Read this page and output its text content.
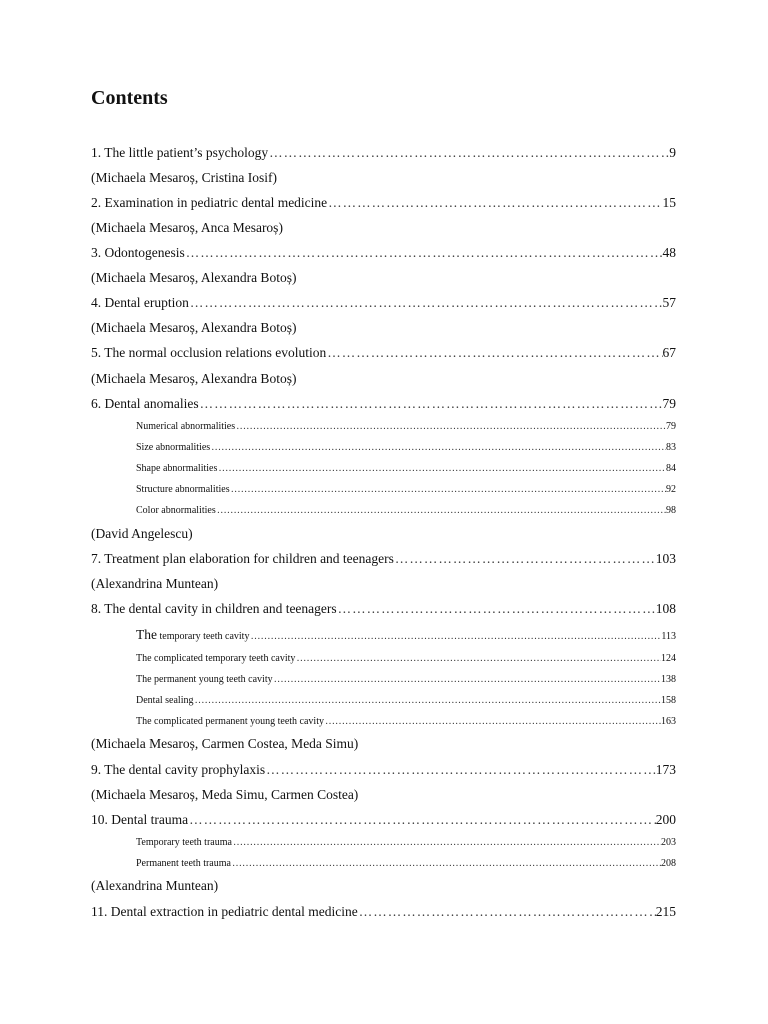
Contents
1. The little patient’s psychology ……………………………………………………………………………………………………………………………………………………………………………………………………………………………………………	9
(Michaela Mesaroș, Cristina Iosif)
2. Examination in pediatric dental medicine ……………………………………………………………………………………………………………………………………………………………………………………………………………………………………………	15
(Michaela Mesaroș, Anca Mesaroș)
3. Odontogenesis ……………………………………………………………………………………………………………………………………………………………………………………………………………………………………………	48
(Michaela Mesaroș, Alexandra Botoș)
4. Dental eruption ……………………………………………………………………………………………………………………………………………………………………………………………………………………………………………	57
(Michaela Mesaroș, Alexandra Botoș)
5. The normal occlusion relations evolution ……………………………………………………………………………………………………………………………………………………………………………………………………………………………………………	67
(Michaela Mesaroș, Alexandra Botoș)
6. Dental anomalies ……………………………………………………………………………………………………………………………………………………………………………………………………………………………………………	79
Numerical abnormalities ……………………………………………………………………………………………………………………………………………………………………………………………………………………………………………	79
Size abnormalities ……………………………………………………………………………………………………………………………………………………………………………………………………………………………………………	83
Shape abnormalities ……………………………………………………………………………………………………………………………………………………………………………………………………………………………………………	84
Structure abnormalities ……………………………………………………………………………………………………………………………………………………………………………………………………………………………………………	92
Color abnormalities ……………………………………………………………………………………………………………………………………………………………………………………………………………………………………………	98
(David Angelescu)
7. Treatment plan elaboration for children and teenagers ……………………………………………………………………………………………………………………………………………………………………………………………………………………………………………	103
(Alexandrina Muntean)
8. The dental cavity in children and teenagers ……………………………………………………………………………………………………………………………………………………………………………………………………………………………………………	108
The temporary teeth cavity ……………………………………………………………………………………………………………………………………………………………………………………………………………………………………………	113
The complicated temporary teeth cavity ……………………………………………………………………………………………………………………………………………………………………………………………………………………………………………	124
The permanent young teeth cavity ……………………………………………………………………………………………………………………………………………………………………………………………………………………………………………	138
Dental sealing ……………………………………………………………………………………………………………………………………………………………………………………………………………………………………………	158
The complicated permanent young teeth cavity ……………………………………………………………………………………………………………………………………………………………………………………………………………………………………………	163
(Michaela Mesaroș, Carmen Costea, Meda Simu)
9. The dental cavity prophylaxis ……………………………………………………………………………………………………………………………………………………………………………………………………………………………………………	173
(Michaela Mesaroș, Meda Simu, Carmen Costea)
10. Dental trauma ……………………………………………………………………………………………………………………………………………………………………………………………………………………………………………	200
Temporary teeth trauma ……………………………………………………………………………………………………………………………………………………………………………………………………………………………………………	203
Permanent teeth trauma ……………………………………………………………………………………………………………………………………………………………………………………………………………………………………………	208
(Alexandrina Muntean)
11. Dental extraction in pediatric dental medicine ……………………………………………………………………………………………………………………………………………………………………………………………………………………………………………	215
